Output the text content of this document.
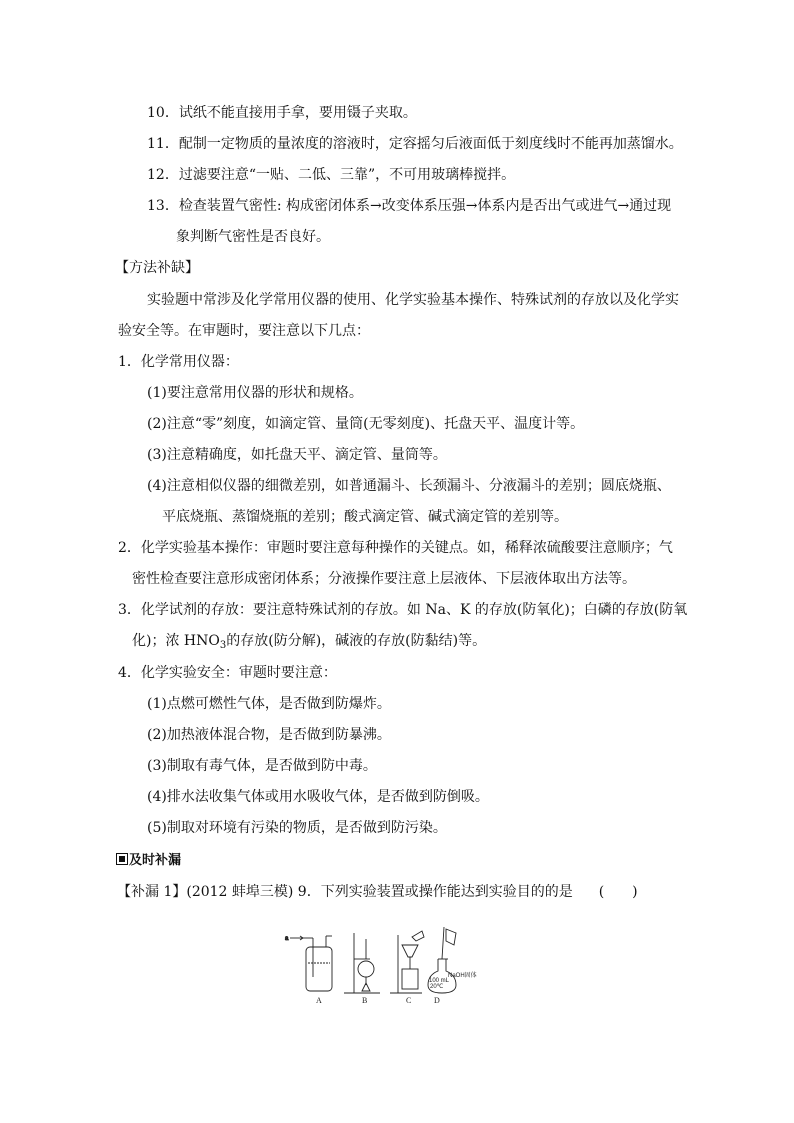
10．试纸不能直接用手拿，要用镊子夹取。
11．配制一定物质的量浓度的溶液时，定容摇匀后液面低于刻度线时不能再加蒸馏水。
12．过滤要注意“一贴、二低、三靠”，不可用玻璃棒搅拌。
13．检查装置气密性: 构成密闭体系→改变体系压强→体系内是否出气或进气→通过现
象判断气密性是否良好。
【方法补缺】
实验题中常涉及化学常用仪器的使用、化学实验基本操作、特殊试剂的存放以及化学实
验安全等。在审题时，要注意以下几点：
1．化学常用仪器：
(1)要注意常用仪器的形状和规格。
(2)注意“零”刻度，如滴定管、量筒(无零刻度)、托盘天平、温度计等。
(3)注意精确度，如托盘天平、滴定管、量筒等。
(4)注意相似仪器的细微差别，如普通漏斗、长颈漏斗、分液漏斗的差别；圆底烧瓶、
平底烧瓶、蒸馏烧瓶的差别；酸式滴定管、碱式滴定管的差别等。
2．化学实验基本操作：审题时要注意每种操作的关键点。如，稀释浓硫酸要注意顺序；气
密性检查要注意形成密闭体系；分液操作要注意上层液体、下层液体取出方法等。
3．化学试剂的存放：要注意特殊试剂的存放。如 Na、K 的存放(防氧化)；白磷的存放(防氧
化)；浓 $HNO_3$的存放(防分解)，碱液的存放(防黏结)等。
4．化学实验安全：审题时要注意：
(1)点燃可燃性气体，是否做到防爆炸。
(2)加热液体混合物，是否做到防暴沸。
(3)制取有毒气体，是否做到防中毒。
(4)排水法收集气体或用水吸收气体，是否做到防倒吸。
(5)制取对环境有污染的物质，是否做到防污染。
及时补漏
【补漏 1】(2012 蚌埠三模) 9．下列实验装置或操作能达到实验目的的是 (　　)
a
A	B	C
100 mL
20℃
NaOH固体
D
